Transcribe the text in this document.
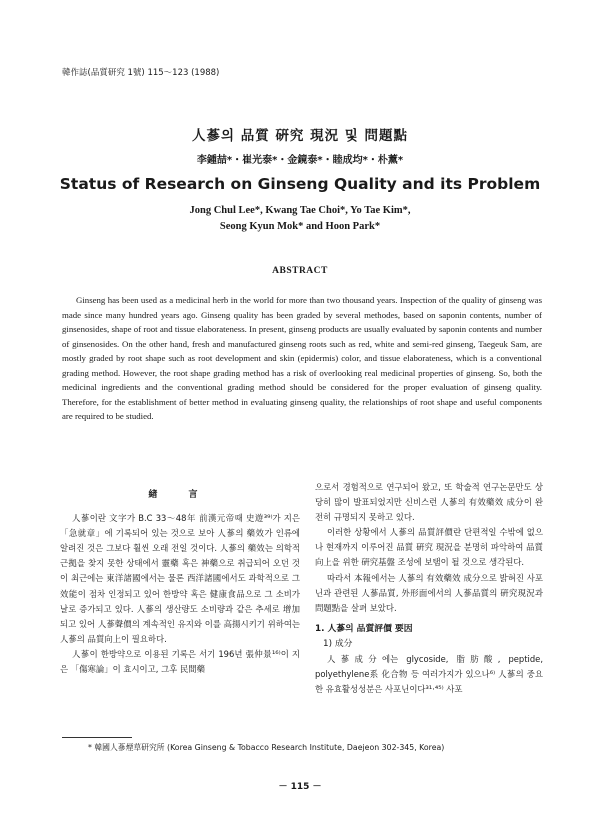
韓作誌(品質研究 1號) 115～123 (1988)
人蔘의 品質 硏究 現況 및 問題點
李鍾喆*・崔光泰*・金鏡泰*・睦成均*・朴薰*
Status of Research on Ginseng Quality and its Problem
Jong Chul Lee*, Kwang Tae Choi*, Yo Tae Kim*,
Seong Kyun Mok* and Hoon Park*
ABSTRACT

Ginseng has been used as a medicinal herb in the world for more than two thousand years. Inspection of the quality of ginseng was made since many hundred years ago. Ginseng quality has been graded by several methodes, based on saponin contents, number of ginsenosides, shape of root and tissue elaborateness. In present, ginseng products are usually evaluated by saponin contents and number of ginsenosides. On the other hand, fresh and manufactured ginseng roots such as red, white and semi-red ginseng, Taegeuk Sam, are mostly graded by root shape such as root development and skin (epidermis) color, and tissue elaborateness, which is a conventional grading method. However, the root shape grading method has a risk of overlooking real medicinal properties of ginseng. So, both the medicinal ingredients and the conventional grading method should be considered for the proper evaluation of ginseng quality. Therefore, for the establishment of better method in evaluating ginseng quality, the relationships of root shape and useful components are required to be studied.

緖 言

人蔘이란 文字가 B.C 33～48年 前漢元帝때 史遊³⁹⁾가 지은 「急就章」에 기록되어 있는 것으로 보아 人蔘의 藥效가 인류에 알려진 것은 그보다 훨씬 오래 전일 것이다. 人蔘의 藥效는 의학적 근拠을 찾지 못한 상태에서 靈藥 혹은 神藥으로 취급되어 오던 것이 최근에는 東洋諸國에서는 물론 西洋諸國에서도 과학적으로 그 效能이 점차 인정되고 있어 한방약 혹은 健康食品으로 그 소비가 날로 증가되고 있다. 人蔘의 생산량도 소비량과 같은 추세로 增加되고 있어 人蔘聲價의 계속적인 유지와 이를 高揚시키기 위하여는 人蔘의 品質向上이 필요하다.

人蔘이 한방약으로 이용된 기록은 서기 196년 張仲景¹⁶⁾이 지은 「傷寒論」이 효시이고, 그후 民間藥

으로서 경험적으로 연구되어 왔고, 또 학술적 연구논문만도 상당히 많이 발표되었지만 신비스런 人蔘의 有效藥效 成分이 완전히 규명되지 못하고 있다.

이러한 상황에서 人蔘의 品質評價란 단편적일 수밖에 없으나 현재까지 이루어진 品質 硏究 現況을 분명히 파악하여 品質 向上을 위한 硏究基盤 조성에 보탬이 될 것으로 생각된다.

따라서 本報에서는 人蔘의 有效藥效 成分으로 밝혀진 사포닌과 관련된 人蔘品質, 外形面에서의 人蔘品質의 硏究現況과 問題點을 살펴 보았다.

1. 人蔘의 品質評價 要因
1) 成分

人蔘成分에는 glycoside, 脂肪酸, peptide, polyethylene系 化合物 등 여러가지가 있으나⁶⁾ 人蔘의 중요한 유효활성성분은 사포닌이다³¹·⁴⁵⁾ 사포

* 韓國人蔘煙草研究所 (Korea Ginseng & Tobacco Research Institute, Daejeon 302-345, Korea)
－ 115 －
